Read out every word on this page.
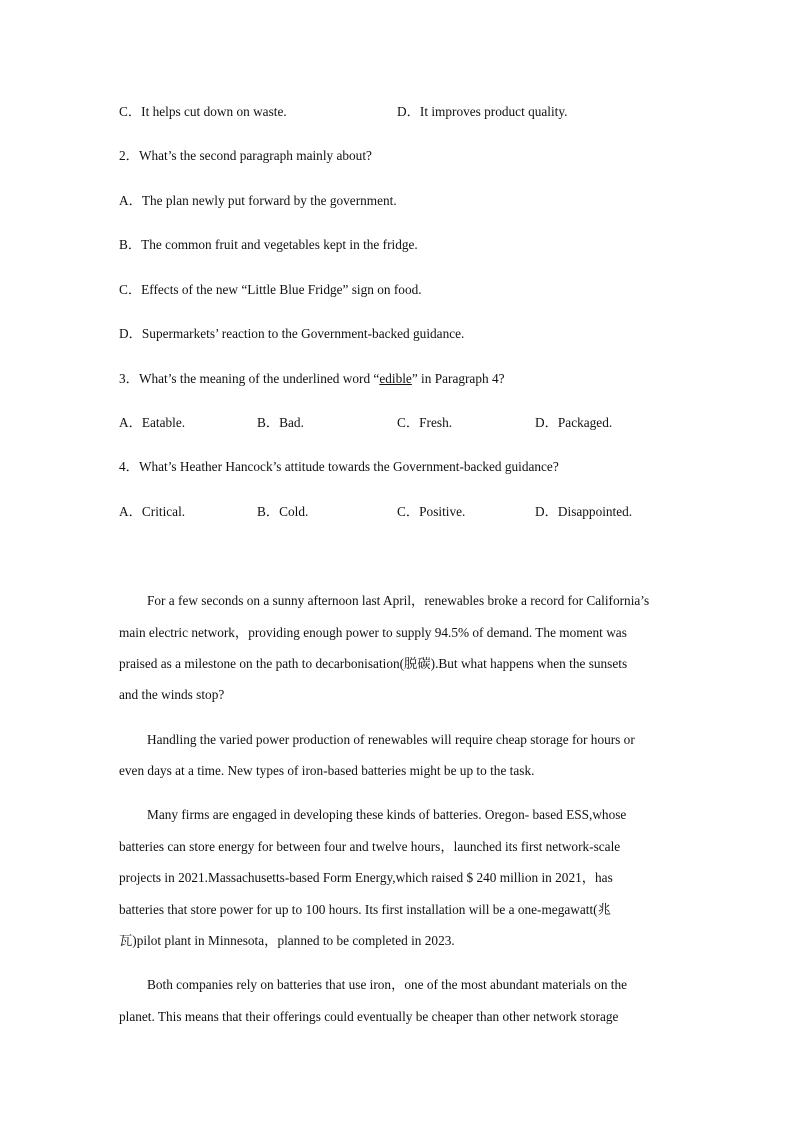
C．It helps cut down on waste.	D．It improves product quality.
2．What’s the second paragraph mainly about?
A．The plan newly put forward by the government.
B．The common fruit and vegetables kept in the fridge.
C．Effects of the new “Little Blue Fridge” sign on food.
D．Supermarkets’ reaction to the Government-backed guidance.
3．What’s the meaning of the underlined word “edible” in Paragraph 4?
A．Eatable.	B．Bad.	C．Fresh.	D．Packaged.
4．What’s Heather Hancock’s attitude towards the Government-backed guidance?
A．Critical.	B．Cold.	C．Positive.	D．Disappointed.
For a few seconds on a sunny afternoon last April，renewables broke a record for California’s
main electric network，providing enough power to supply 94.5% of demand. The moment was
praised as a milestone on the path to decarbonisation(脱碳).But what happens when the sunsets
and the winds stop?
Handling the varied power production of renewables will require cheap storage for hours or
even days at a time. New types of iron-based batteries might be up to the task.
Many firms are engaged in developing these kinds of batteries. Oregon- based ESS,whose
batteries can store energy for between four and twelve hours，launched its first network-scale
projects in 2021.Massachusetts-based Form Energy,which raised $ 240 million in 2021，has
batteries that store power for up to 100 hours. Its first installation will be a one-megawatt(兆
瓦)pilot plant in Minnesota，planned to be completed in 2023.
Both companies rely on batteries that use iron，one of the most abundant materials on the
planet. This means that their offerings could eventually be cheaper than other network storage
